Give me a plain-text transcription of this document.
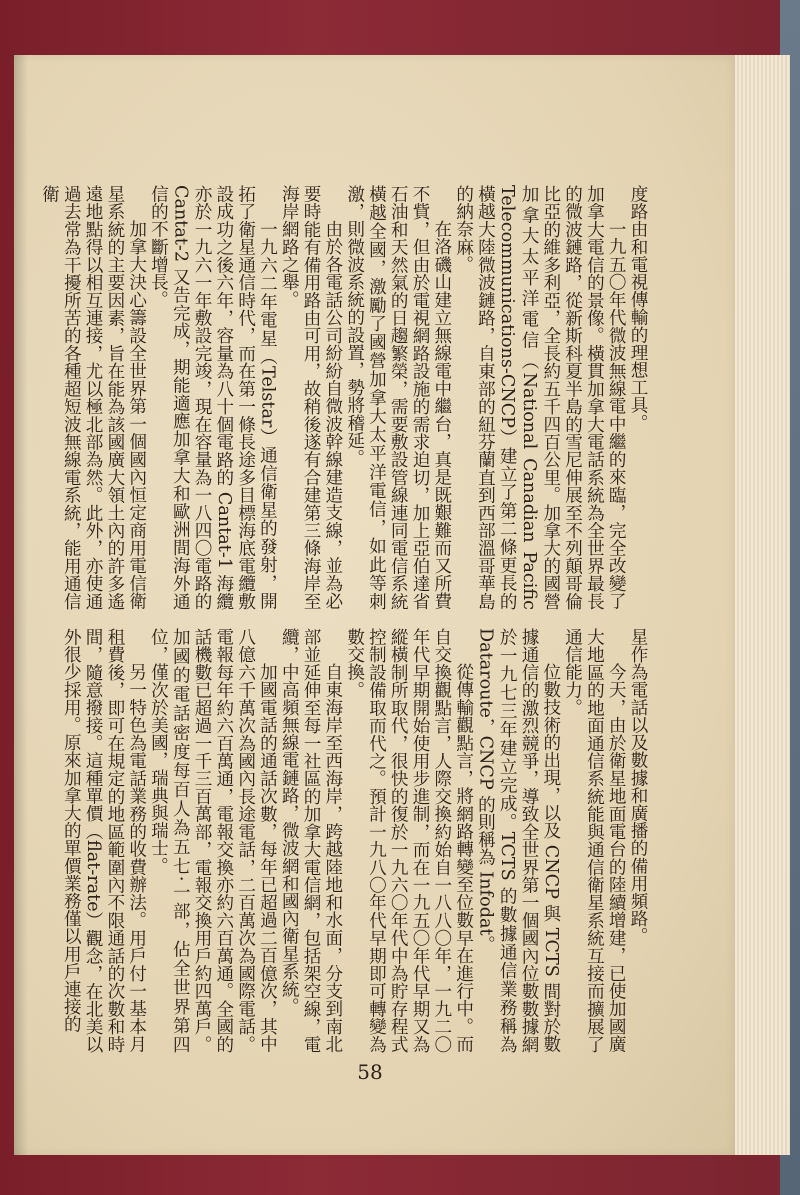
度路由和電視傳輸的理想工具。

一九五〇年代微波無線電中繼的來臨，完全改變了加拿大電信的景像。橫貫加拿大電話系統為全世界最長的微波鏈路，從新斯科夏半島的雪尼伸展至不列顛哥倫比亞的維多利亞，全長約五千四百公里。加拿大的國營加拿大太平洋電信（National Canadian Pacific Telecommunications-CNCP）建立了第二條更長的橫越大陸微波鏈路，自東部的紐芬蘭直到西部溫哥華島的納奈麻。

在洛磯山建立無線電中繼台，真是既艱難而又所費不貲，但由於電視網路設施的需求迫切，加上亞伯達省石油和天然氣的日趨繁榮，需要敷設管線連同電信系統橫越全國，激勵了國營加拿大太平洋電信，如此等刺激，則微波系統的設置，勢將稽延。

由於各電話公司紛紛自微波幹線建造支線，並為必要時能有備用路由可用，故稍後遂有合建第三條海岸至海岸網路之舉。

一九六二年電星（Telstar）通信衛星的發射，開拓了衛星通信時代，而在第一條長途多目標海底電纜敷設成功之後六年，容量為八十個電路的 Cantat-1 海纜亦於一九六一年敷設完竣，現在容量為一八四〇電路的 Cantat-2 又告完成，期能適應加拿大和歐洲間海外通信的不斷增長。

加拿大決心籌設全世界第一個國內恒定商用電信衛星系統的主要因素，旨在能為該國廣大領土內的許多遙遠地點得以相互連接，尤以極北部為然。此外，亦使通過去常為干擾所苦的各種超短波無線電系統，能用通信衛

星作為電話以及數據和廣播的備用頻路。

今天，由於衛星地面電台的陸續增建，已使加國廣大地區的地面通信系統能與通信衛星系統互接而擴展了通信能力。

位數技術的出現，以及 CNCP 與 TCTS 間對於數據通信的激烈競爭，導致全世界第一個國內位數數據網於一九七三年建立完成。TCTS 的數據通信業務稱為 Dataroute，CNCP 的則稱為 Infodat。

從傳輸觀點言，將網路轉變至位數早在進行中。而自交換觀點言，人際交換約始自一八八〇年，一九二〇年代早期開始使用步進制，而在一九五〇年代早期又為縱橫制所取代，很快的復於一九六〇年代中為貯存程式控制設備取而代之。預計一九八〇年代早期即可轉變為數交換。

自東海岸至西海岸，跨越陸地和水面，分支到南北部並延伸至每一社區的加拿大電信網，包括架空線，電纜，中高頻無線電鏈路，微波網和國內衛星系統。

加國電話的通話次數，每年已超過二百億次，其中八億六千萬次為國內長途電話，二百萬次為國際電話。電報每年約六百萬通，電報交換亦約六百萬通。全國的話機數已超過一千三百萬部，電報交換用戶約四萬戶。加國的電話密度每百人為五七·一部，佔全世界第四位，僅次於美國，瑞典與瑞士。

另一特色為電話業務的收費辦法。用戶付一基本月租費後，即可在規定的地區範圍內不限通話的次數和時間，隨意撥接。這種單價（flat-rate）觀念，在北美以外很少採用。原來加拿大的單價業務僅以用戶連接的

58
